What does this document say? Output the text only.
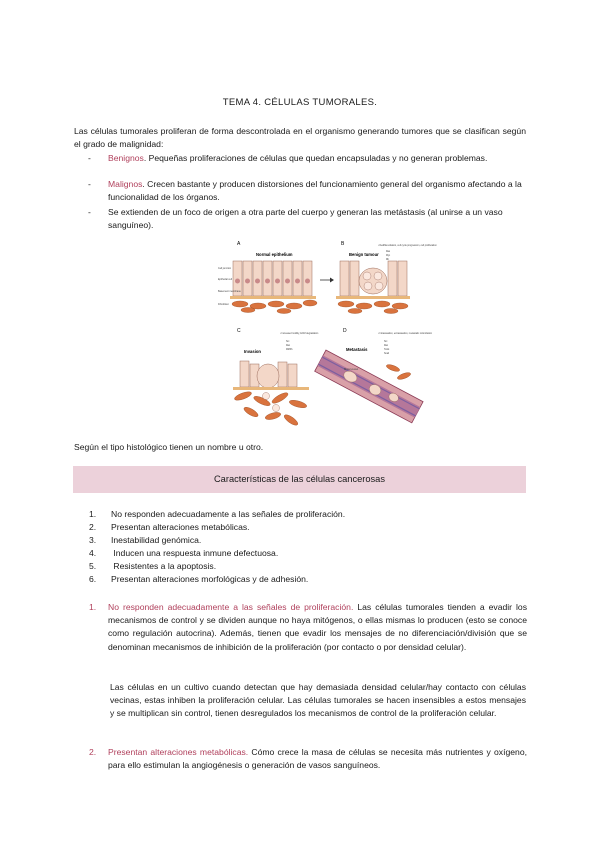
TEMA 4. CÉLULAS TUMORALES.
Las células tumorales proliferan de forma descontrolada en el organismo generando tumores que se clasifican según el grado de malignidad:
- Benignos. Pequeñas proliferaciones de células que quedan encapsuladas y no generan problemas.
- Malignos. Crecen bastante y producen distorsiones del funcionamiento general del organismo afectando a la funcionalidad de los órganos.
- Se extienden de un foco de origen a otra parte del cuerpo y generan las metástasis (al unirse a un vaso sanguíneo).
A
Normal epithelium
Cell junction
Epithelial cell
Basement membrane
Fibroblast
B
Benign tumour
• Dedifferentiation, cell cycle progression, cell proliferation
Ras
Myc
Rb
C
Invasion
• Increased motility, ECM degradation
Src
Rac
MMPs
D
Metastasis
• Intravasation, extravasation, metastatic colonization
Src
Rac
Twist
Snail
Blood vessel
Según el tipo histológico tienen un nombre u otro.
Características de las células cancerosas
1.	No responden adecuadamente a las señales de proliferación.
2.	Presentan alteraciones metabólicas.
3.	Inestabilidad genómica.
4.	Inducen una respuesta inmune defectuosa.
5.	Resistentes a la apoptosis.
6.	Presentan alteraciones morfológicas y de adhesión.
1.	No responden adecuadamente a las señales de proliferación. Las células tumorales tienden a evadir los mecanismos de control y se dividen aunque no haya mitógenos, o ellas mismas lo producen (esto se conoce como regulación autocrina). Además, tienen que evadir los mensajes de no diferenciación/división que se denominan mecanismos de inhibición de la proliferación (por contacto o por densidad celular).
Las células en un cultivo cuando detectan que hay demasiada densidad celular/hay contacto con células vecinas, estas inhiben la proliferación celular. Las células tumorales se hacen insensibles a estos mensajes y se multiplican sin control, tienen desregulados los mecanismos de control de la proliferación celular.
2.	Presentan alteraciones metabólicas. Cómo crece la masa de células se necesita más nutrientes y oxígeno, para ello estimulan la angiogénesis o generación de vasos sanguíneos.
